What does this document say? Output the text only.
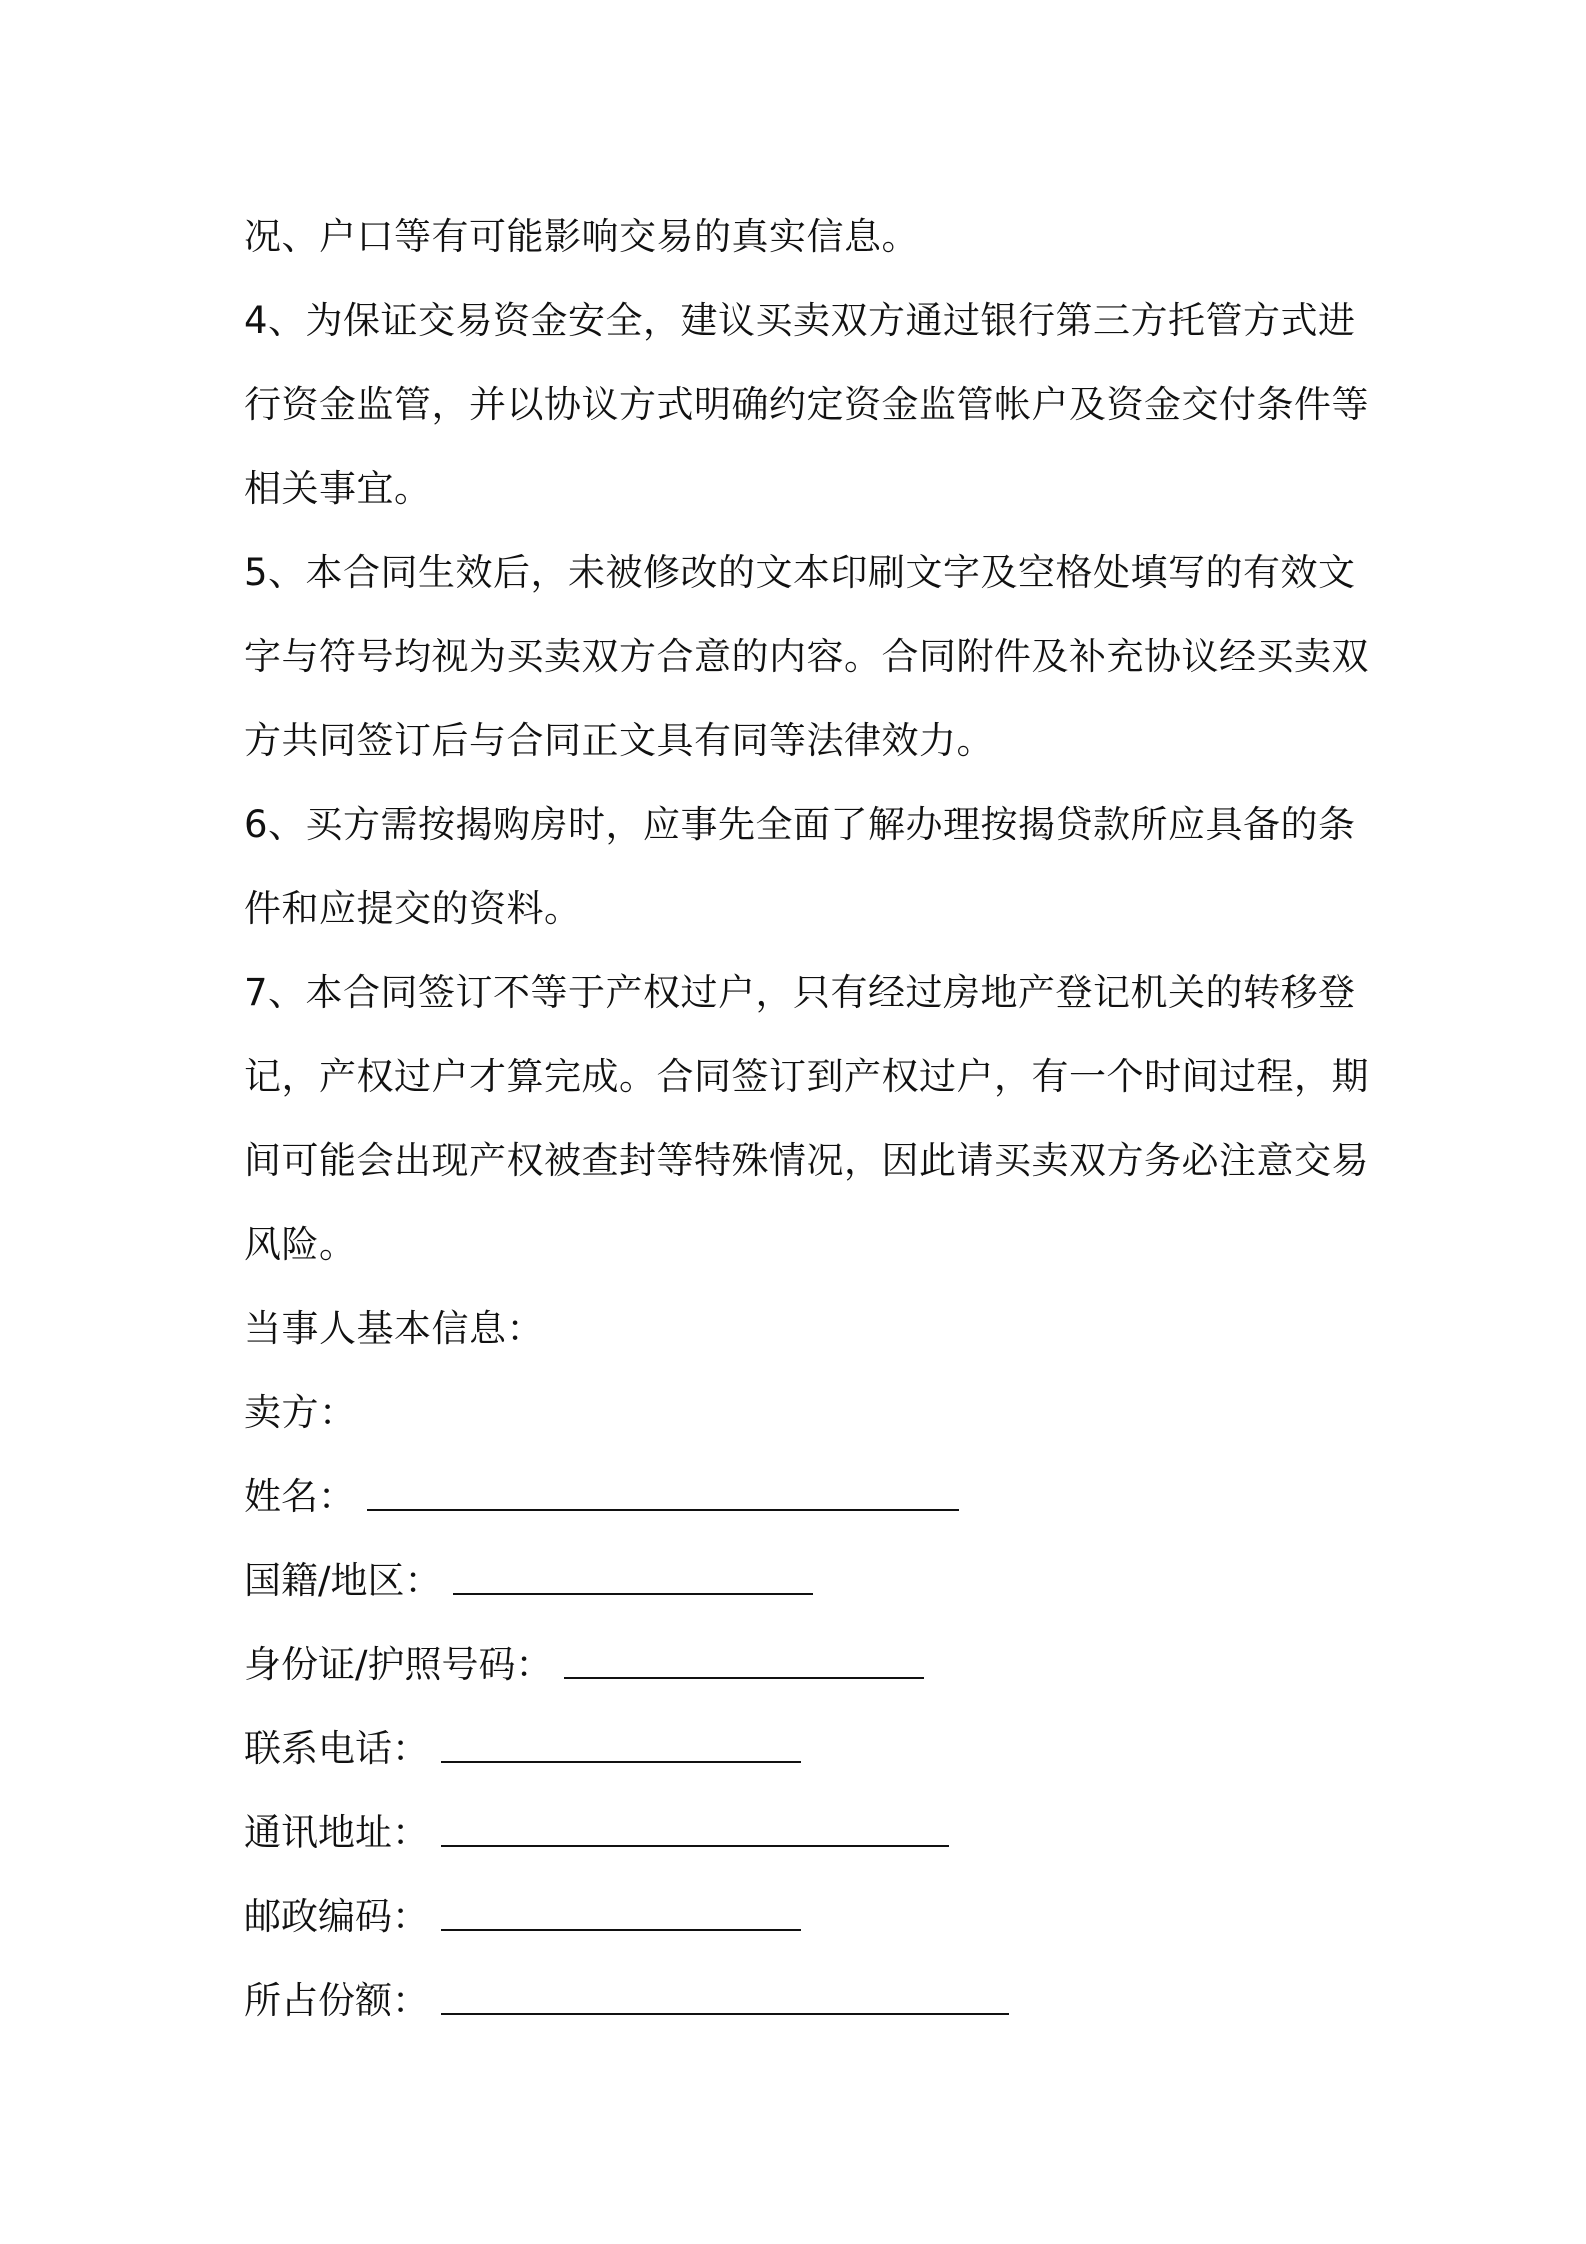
况、户口等有可能影响交易的真实信息。

4、为保证交易资金安全，建议买卖双方通过银行第三方托管方式进
行资金监管，并以协议方式明确约定资金监管帐户及资金交付条件等
相关事宜。

5、本合同生效后，未被修改的文本印刷文字及空格处填写的有效文
字与符号均视为买卖双方合意的内容。合同附件及补充协议经买卖双
方共同签订后与合同正文具有同等法律效力。

6、买方需按揭购房时，应事先全面了解办理按揭贷款所应具备的条
件和应提交的资料。

7、本合同签订不等于产权过户，只有经过房地产登记机关的转移登
记，产权过户才算完成。合同签订到产权过户，有一个时间过程，期
间可能会出现产权被查封等特殊情况，因此请买卖双方务必注意交易
风险。

当事人基本信息：

卖方：

姓名：

国籍/地区：

身份证/护照号码：

联系电话：

通讯地址：

邮政编码：

所占份额：
